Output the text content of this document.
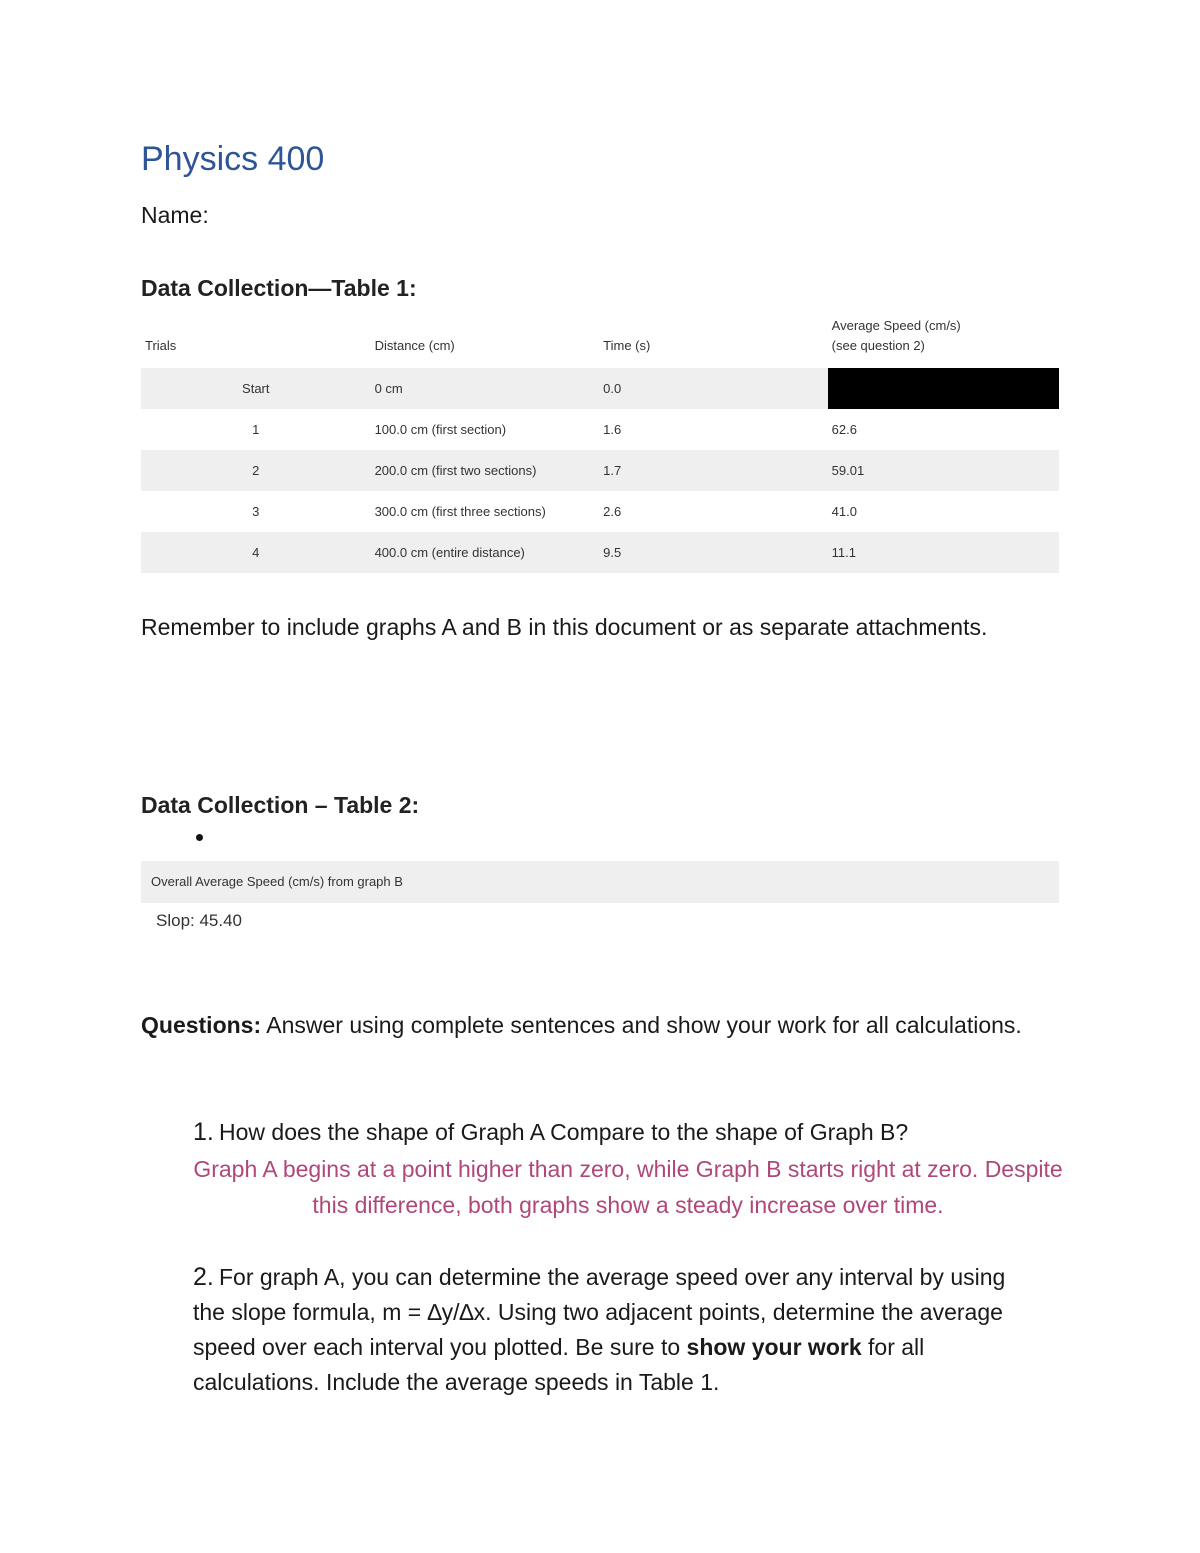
Physics 400
Name:
Data Collection—Table 1:
Trials	Distance (cm)	Time (s)	Average Speed (cm/s)
(see question 2)
Start	0 cm	0.0	
1	100.0 cm (first section)	1.6	62.6
2	200.0 cm (first two sections)	1.7	59.01
3	300.0 cm (first three sections)	2.6	41.0
4	400.0 cm (entire distance)	9.5	11.1

Remember to include graphs A and B in this document or as separate attachments.

Data Collection – Table 2:
Overall Average Speed (cm/s) from graph B
Slop: 45.40

Questions: Answer using complete sentences and show your work for all calculations.

1. How does the shape of Graph A Compare to the shape of Graph B?

Graph A begins at a point higher than zero, while Graph B starts right at zero. Despite this difference, both graphs show a steady increase over time.

2. For graph A, you can determine the average speed over any interval by using the slope formula, m = ∆y/∆x. Using two adjacent points, determine the average speed over each interval you plotted. Be sure to show your work for all calculations. Include the average speeds in Table 1.
